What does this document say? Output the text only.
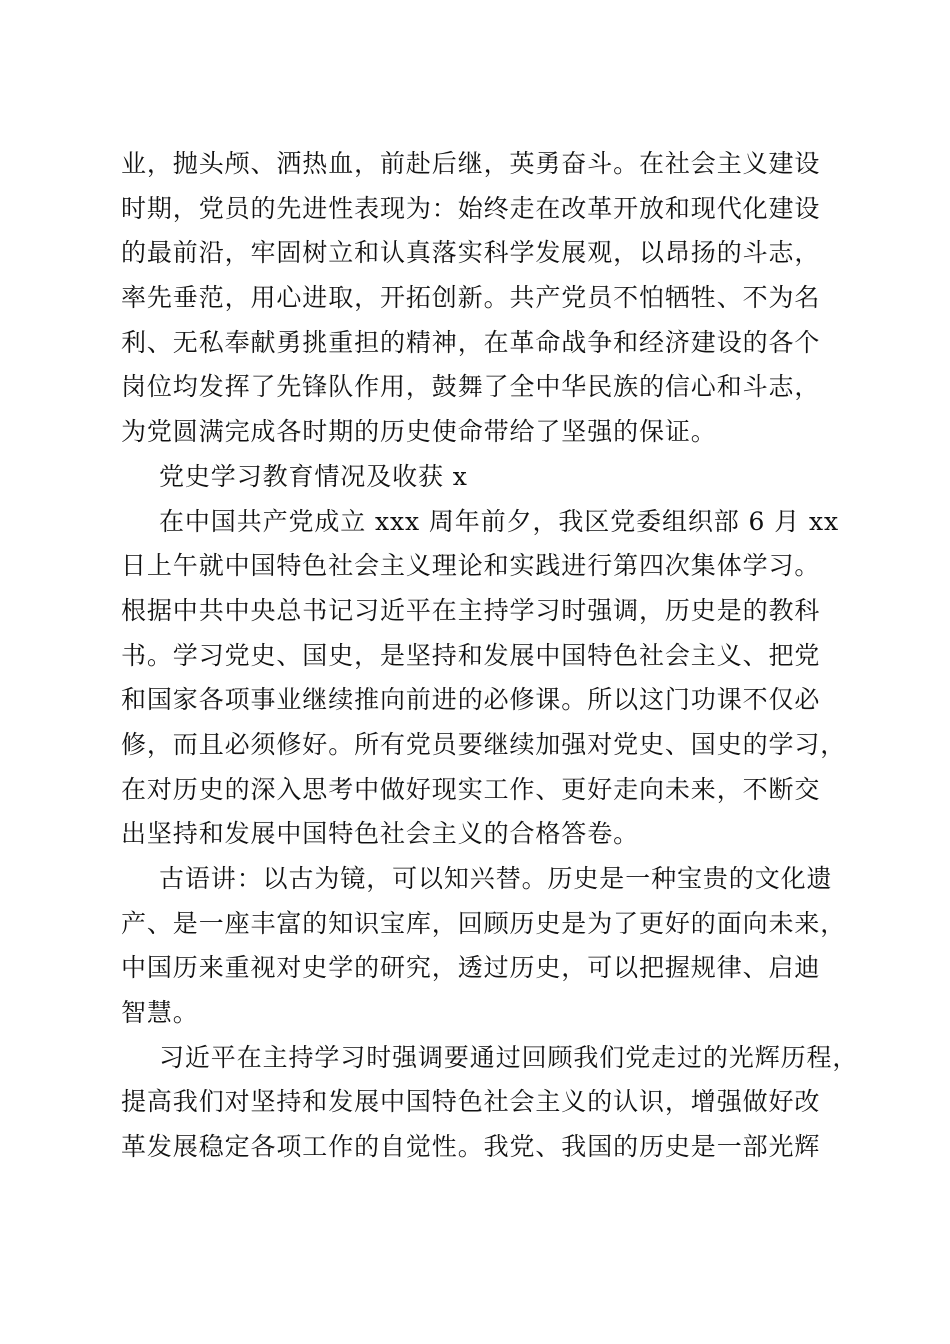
业，抛头颅、洒热血，前赴后继，英勇奋斗。在社会主义建设
时期，党员的先进性表现为：始终走在改革开放和现代化建设
的最前沿，牢固树立和认真落实科学发展观，以昂扬的斗志，
率先垂范，用心进取，开拓创新。共产党员不怕牺牲、不为名
利、无私奉献勇挑重担的精神，在革命战争和经济建设的各个
岗位均发挥了先锋队作用，鼓舞了全中华民族的信心和斗志，
为党圆满完成各时期的历史使命带给了坚强的保证。
党史学习教育情况及收获 x
在中国共产党成立 xxx 周年前夕，我区党委组织部 6 月 xx
日上午就中国特色社会主义理论和实践进行第四次集体学习。
根据中共中央总书记习近平在主持学习时强调，历史是的教科
书。学习党史、国史，是坚持和发展中国特色社会主义、把党
和国家各项事业继续推向前进的必修课。所以这门功课不仅必
修，而且必须修好。所有党员要继续加强对党史、国史的学习，
在对历史的深入思考中做好现实工作、更好走向未来，不断交
出坚持和发展中国特色社会主义的合格答卷。
古语讲：以古为镜，可以知兴替。历史是一种宝贵的文化遗
产、是一座丰富的知识宝库，回顾历史是为了更好的面向未来，
中国历来重视对史学的研究，透过历史，可以把握规律、启迪
智慧。
习近平在主持学习时强调要通过回顾我们党走过的光辉历程，
提高我们对坚持和发展中国特色社会主义的认识，增强做好改
革发展稳定各项工作的自觉性。我党、我国的历史是一部光辉
